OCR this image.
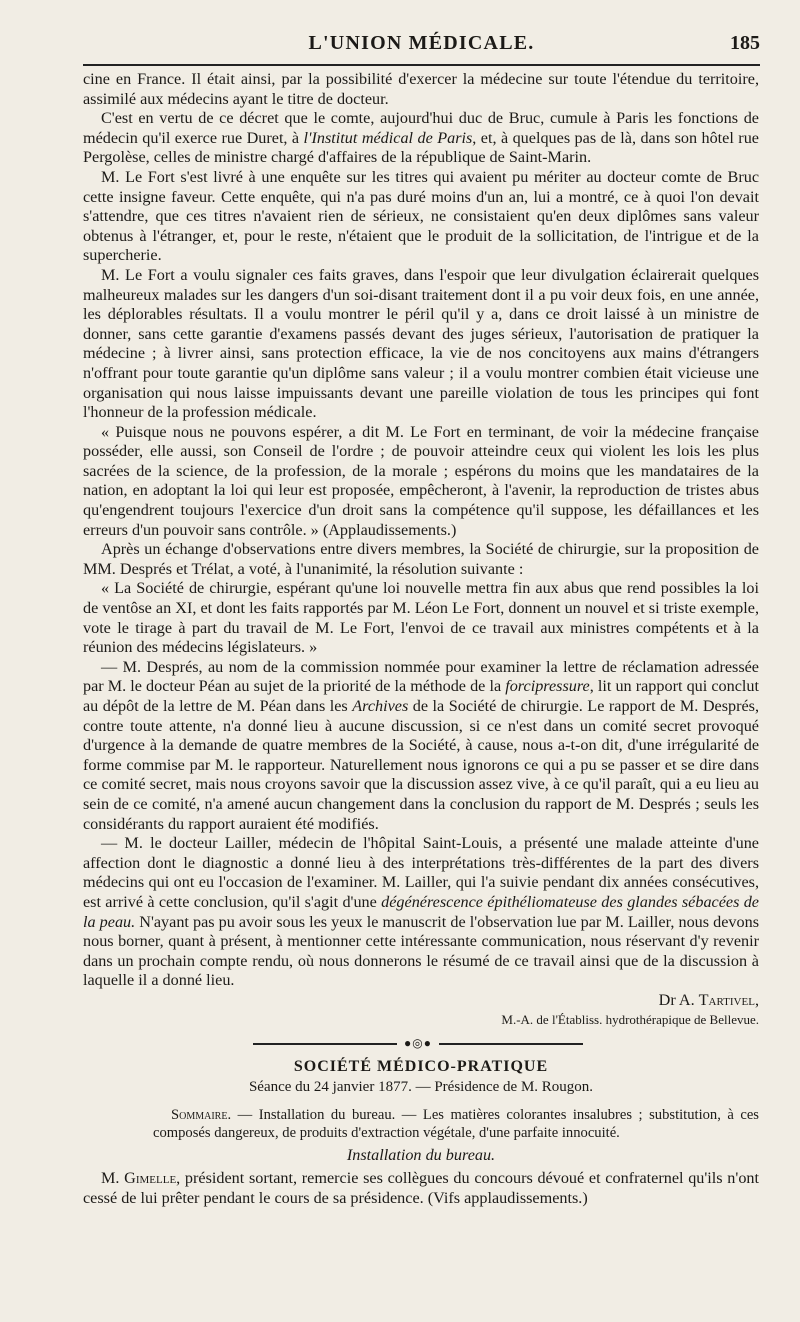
L'UNION MÉDICALE.	185

cine en France. Il était ainsi, par la possibilité d'exercer la médecine sur toute l'étendue du territoire, assimilé aux médecins ayant le titre de docteur.

C'est en vertu de ce décret que le comte, aujourd'hui duc de Bruc, cumule à Paris les fonctions de médecin qu'il exerce rue Duret, à l'Institut médical de Paris, et, à quelques pas de là, dans son hôtel rue Pergolèse, celles de ministre chargé d'affaires de la république de Saint-Marin.

M. Le Fort s'est livré à une enquête sur les titres qui avaient pu mériter au docteur comte de Bruc cette insigne faveur. Cette enquête, qui n'a pas duré moins d'un an, lui a montré, ce à quoi l'on devait s'attendre, que ces titres n'avaient rien de sérieux, ne consistaient qu'en deux diplômes sans valeur obtenus à l'étranger, et, pour le reste, n'étaient que le produit de la sollicitation, de l'intrigue et de la supercherie.

M. Le Fort a voulu signaler ces faits graves, dans l'espoir que leur divulgation éclairerait quelques malheureux malades sur les dangers d'un soi-disant traitement dont il a pu voir deux fois, en une année, les déplorables résultats. Il a voulu montrer le péril qu'il y a, dans ce droit laissé à un ministre de donner, sans cette garantie d'examens passés devant des juges sérieux, l'autorisation de pratiquer la médecine ; à livrer ainsi, sans protection efficace, la vie de nos concitoyens aux mains d'étrangers n'offrant pour toute garantie qu'un diplôme sans valeur ; il a voulu montrer combien était vicieuse une organisation qui nous laisse impuissants devant une pareille violation de tous les principes qui font l'honneur de la profession médicale.

« Puisque nous ne pouvons espérer, a dit M. Le Fort en terminant, de voir la médecine française posséder, elle aussi, son Conseil de l'ordre ; de pouvoir atteindre ceux qui violent les lois les plus sacrées de la science, de la profession, de la morale ; espérons du moins que les mandataires de la nation, en adoptant la loi qui leur est proposée, empêcheront, à l'avenir, la reproduction de tristes abus qu'engendrent toujours l'exercice d'un droit sans la compétence qu'il suppose, les défaillances et les erreurs d'un pouvoir sans contrôle. » (Applaudissements.)

Après un échange d'observations entre divers membres, la Société de chirurgie, sur la proposition de MM. Després et Trélat, a voté, à l'unanimité, la résolution suivante :

« La Société de chirurgie, espérant qu'une loi nouvelle mettra fin aux abus que rend possibles la loi de ventôse an XI, et dont les faits rapportés par M. Léon Le Fort, donnent un nouvel et si triste exemple, vote le tirage à part du travail de M. Le Fort, l'envoi de ce travail aux ministres compétents et à la réunion des médecins législateurs. »

— M. Després, au nom de la commission nommée pour examiner la lettre de réclamation adressée par M. le docteur Péan au sujet de la priorité de la méthode de la forcipressure, lit un rapport qui conclut au dépôt de la lettre de M. Péan dans les Archives de la Société de chirurgie. Le rapport de M. Després, contre toute attente, n'a donné lieu à aucune discussion, si ce n'est dans un comité secret provoqué d'urgence à la demande de quatre membres de la Société, à cause, nous a-t-on dit, d'une irrégularité de forme commise par M. le rapporteur. Naturellement nous ignorons ce qui a pu se passer et se dire dans ce comité secret, mais nous croyons savoir que la discussion assez vive, à ce qu'il paraît, qui a eu lieu au sein de ce comité, n'a amené aucun changement dans la conclusion du rapport de M. Després ; seuls les considérants du rapport auraient été modifiés.

— M. le docteur Lailler, médecin de l'hôpital Saint-Louis, a présenté une malade atteinte d'une affection dont le diagnostic a donné lieu à des interprétations très-différentes de la part des divers médecins qui ont eu l'occasion de l'examiner. M. Lailler, qui l'a suivie pendant dix années consécutives, est arrivé à cette conclusion, qu'il s'agit d'une dégénérescence épithéliomateuse des glandes sébacées de la peau. N'ayant pas pu avoir sous les yeux le manuscrit de l'observation lue par M. Lailler, nous devons nous borner, quant à présent, à mentionner cette intéressante communication, nous réservant d'y revenir dans un prochain compte rendu, où nous donnerons le résumé de ce travail ainsi que de la discussion à laquelle il a donné lieu.

Dr A. Tartivel,

M.-A. de l'Établiss. hydrothérapique de Bellevue.

●◎●
SOCIÉTÉ MÉDICO-PRATIQUE
Séance du 24 janvier 1877. — Présidence de M. Rougon.

Sommaire. — Installation du bureau. — Les matières colorantes insalubres ; substitution, à ces composés dangereux, de produits d'extraction végétale, d'une parfaite innocuité.

Installation du bureau.

M. Gimelle, président sortant, remercie ses collègues du concours dévoué et confraternel qu'ils n'ont cessé de lui prêter pendant le cours de sa présidence. (Vifs applaudissements.)
